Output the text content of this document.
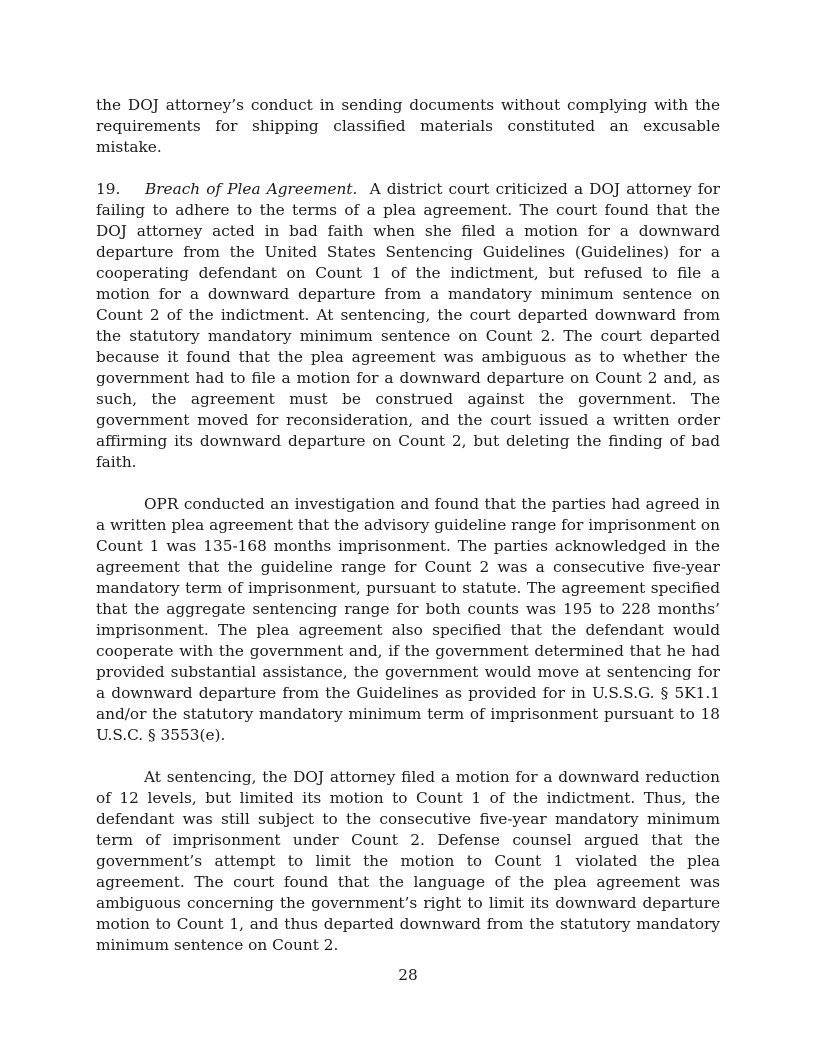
the DOJ attorney’s conduct in sending documents without complying with the requirements for shipping classified materials constituted an excusable mistake.

19. Breach of Plea Agreement. A district court criticized a DOJ attorney for failing to adhere to the terms of a plea agreement. The court found that the DOJ attorney acted in bad faith when she filed a motion for a downward departure from the United States Sentencing Guidelines (Guidelines) for a cooperating defendant on Count 1 of the indictment, but refused to file a motion for a downward departure from a mandatory minimum sentence on Count 2 of the indictment. At sentencing, the court departed downward from the statutory mandatory minimum sentence on Count 2. The court departed because it found that the plea agreement was ambiguous as to whether the government had to file a motion for a downward departure on Count 2 and, as such, the agreement must be construed against the government. The government moved for reconsideration, and the court issued a written order affirming its downward departure on Count 2, but deleting the finding of bad faith.

OPR conducted an investigation and found that the parties had agreed in a written plea agreement that the advisory guideline range for imprisonment on Count 1 was 135-168 months imprisonment. The parties acknowledged in the agreement that the guideline range for Count 2 was a consecutive five-year mandatory term of imprisonment, pursuant to statute. The agreement specified that the aggregate sentencing range for both counts was 195 to 228 months’ imprisonment. The plea agreement also specified that the defendant would cooperate with the government and, if the government determined that he had provided substantial assistance, the government would move at sentencing for a downward departure from the Guidelines as provided for in U.S.S.G. § 5K1.1 and/or the statutory mandatory minimum term of imprisonment pursuant to 18 U.S.C. § 3553(e).

At sentencing, the DOJ attorney filed a motion for a downward reduction of 12 levels, but limited its motion to Count 1 of the indictment. Thus, the defendant was still subject to the consecutive five-year mandatory minimum term of imprisonment under Count 2. Defense counsel argued that the government’s attempt to limit the motion to Count 1 violated the plea agreement. The court found that the language of the plea agreement was ambiguous concerning the government’s right to limit its downward departure motion to Count 1, and thus departed downward from the statutory mandatory minimum sentence on Count 2.

28
